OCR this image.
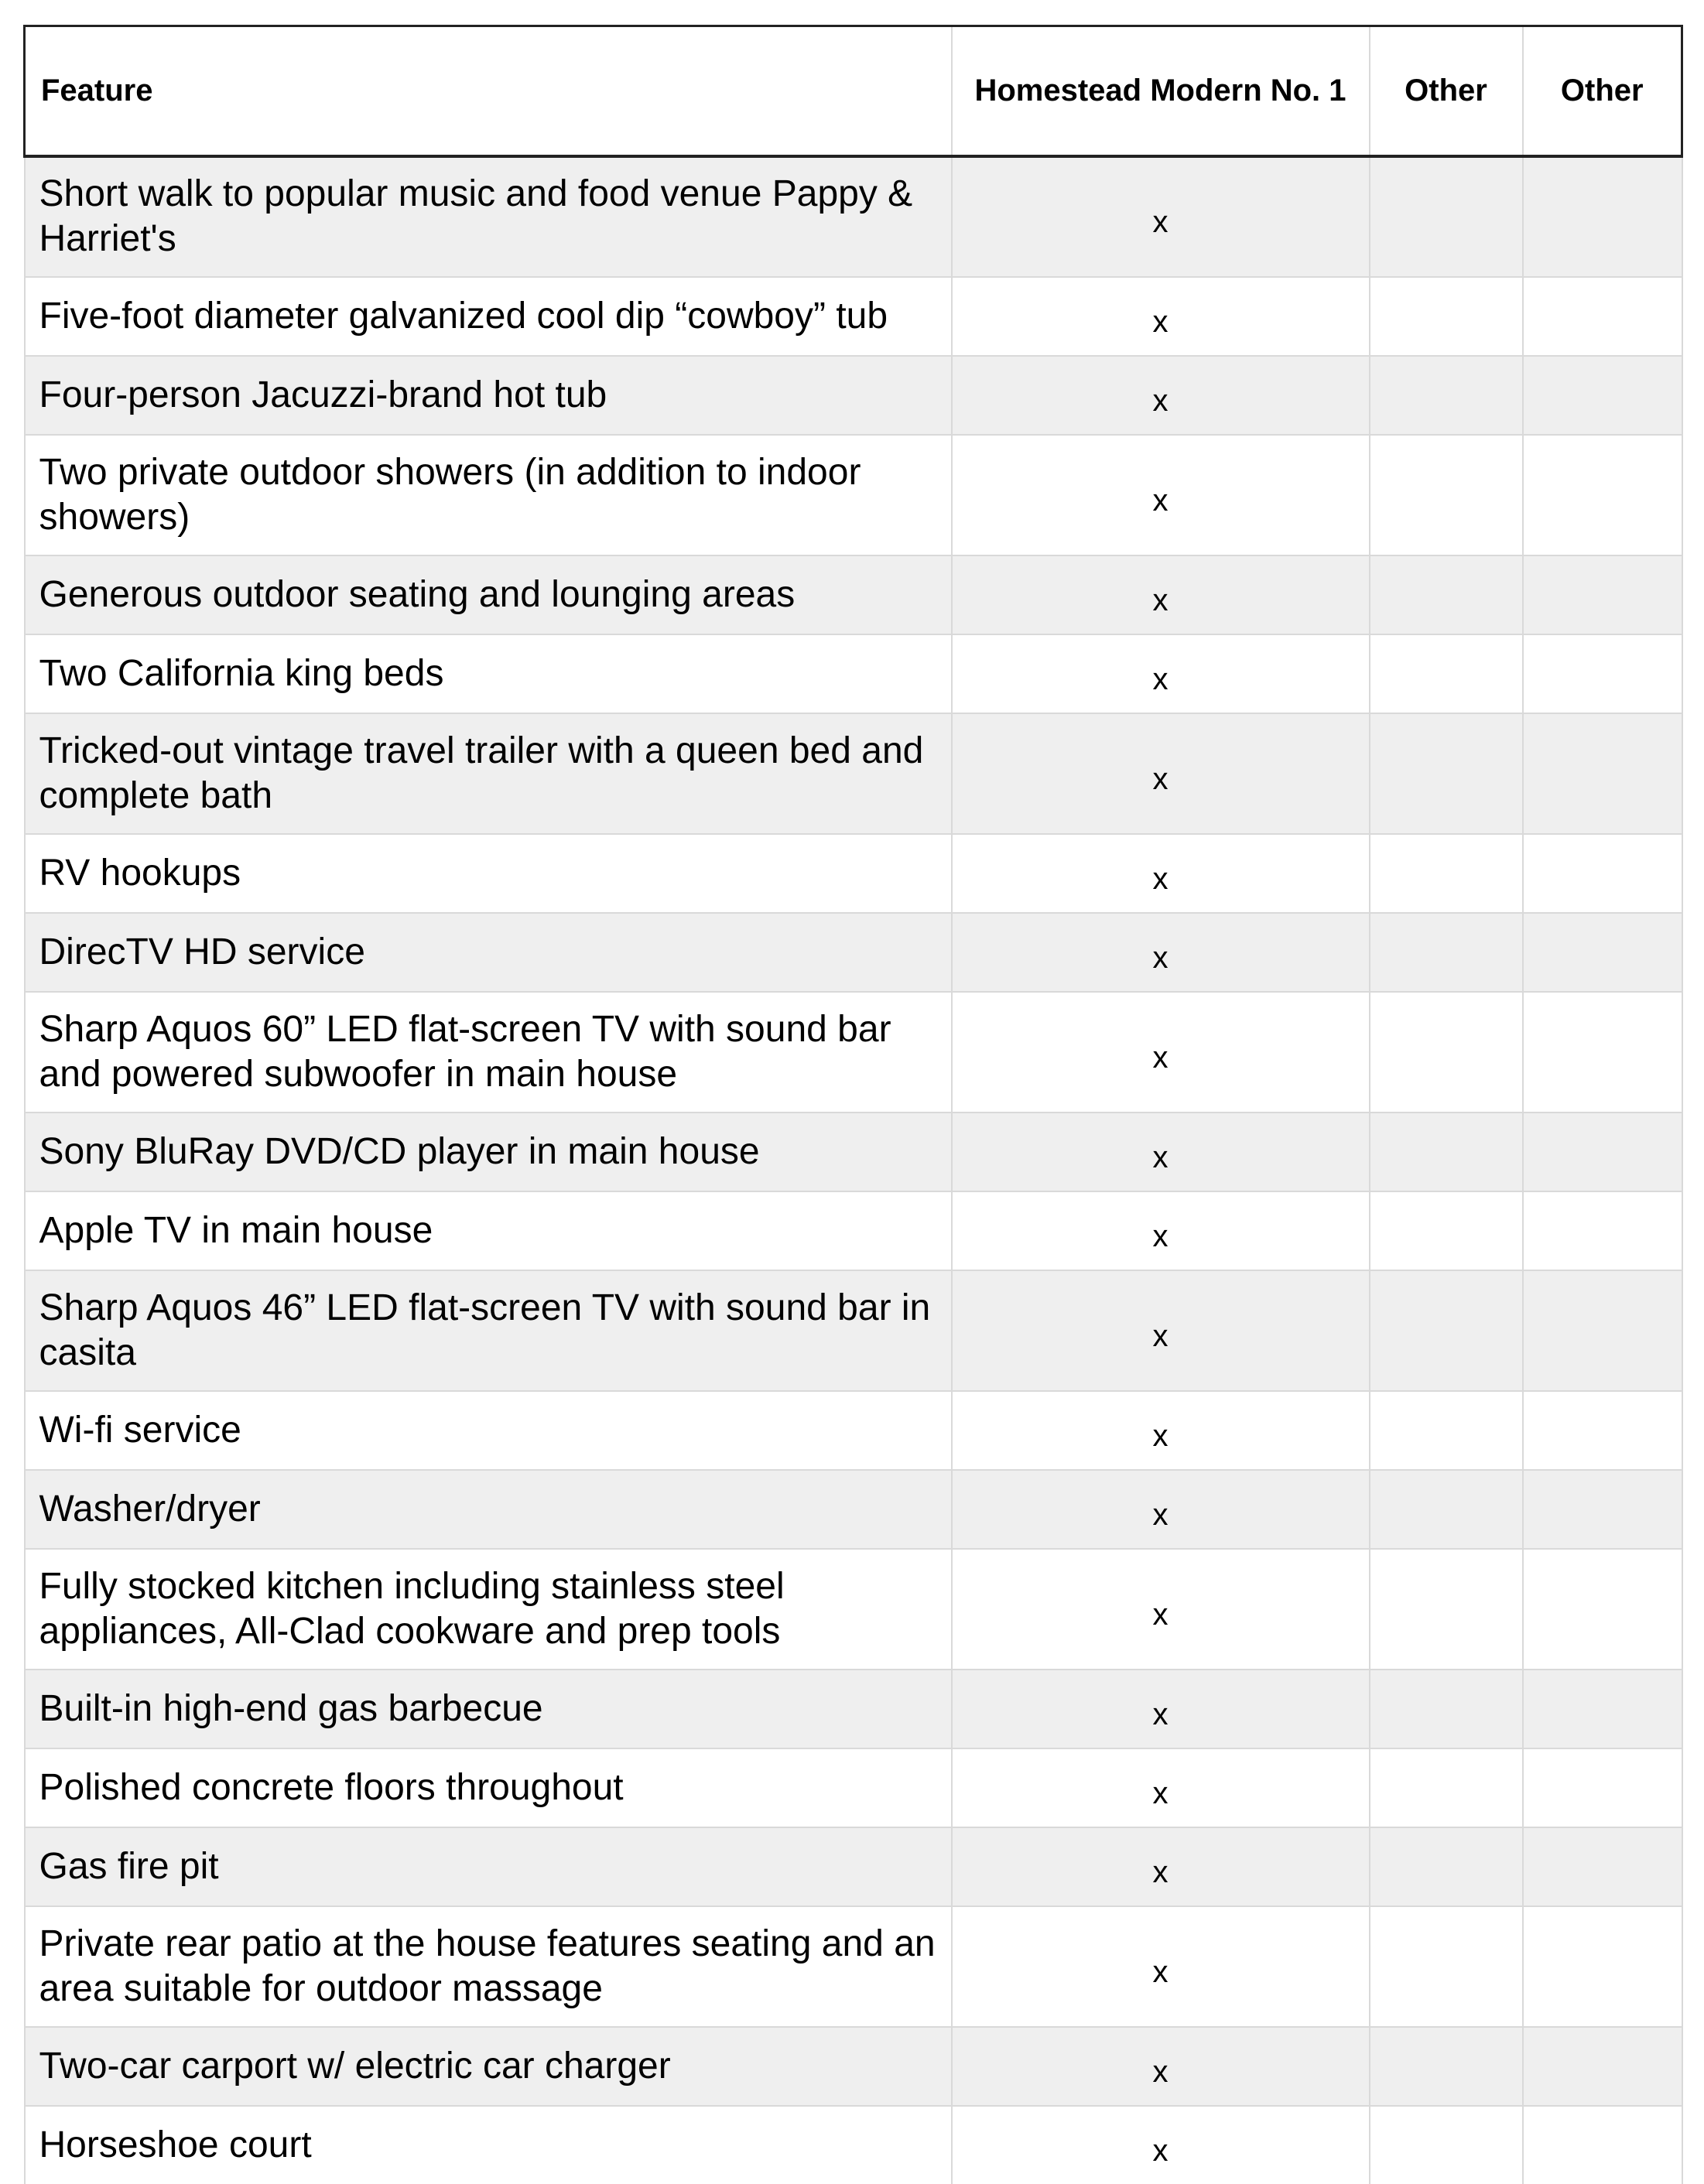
Feature	Homestead Modern No. 1	Other	Other
Short walk to popular music and food venue Pappy & Harriet's	x		
Five-foot diameter galvanized cool dip “cowboy” tub	x		
Four-person Jacuzzi-brand hot tub	x		
Two private outdoor showers (in addition to indoor showers)	x		
Generous outdoor seating and lounging areas	x		
Two California king beds	x		
Tricked-out vintage travel trailer with a queen bed and complete bath	x		
RV hookups	x		
DirecTV HD service	x		
Sharp Aquos 60” LED flat-screen TV with sound bar and powered subwoofer in main house	x		
Sony BluRay DVD/CD player in main house	x		
Apple TV in main house	x		
Sharp Aquos 46” LED flat-screen TV with sound bar in casita	x		
Wi-fi service	x		
Washer/dryer	x		
Fully stocked kitchen including stainless steel appliances, All-Clad cookware and prep tools	x		
Built-in high-end gas barbecue	x		
Polished concrete floors throughout	x		
Gas fire pit	x		
Private rear patio at the house features seating and an area suitable for outdoor massage	x		
Two-car carport w/ electric car charger	x		
Horseshoe court	x		
